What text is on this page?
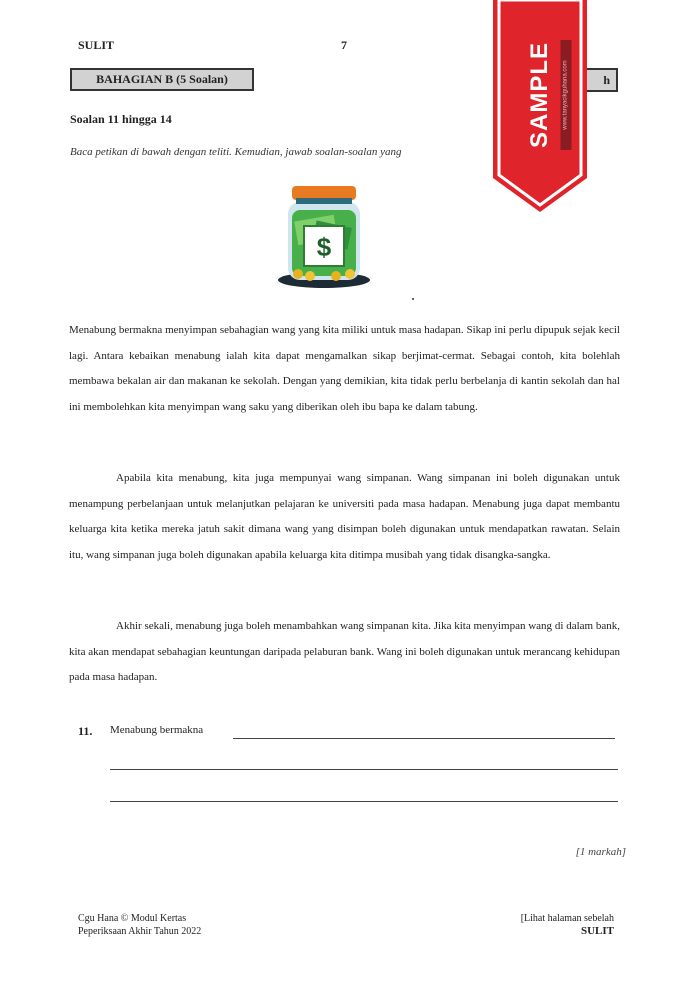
SULIT	7
BAHAGIAN B (5 Soalan)	h
Soalan 11 hingga 14
Baca petikan di bawah dengan teliti. Kemudian, jawab soalan-soalan yang
$

Menabung bermakna menyimpan sebahagian wang yang kita miliki untuk masa hadapan. Sikap ini perlu dipupuk sejak kecil lagi. Antara kebaikan menabung ialah kita dapat mengamalkan sikap berjimat-cermat. Sebagai contoh, kita bolehlah membawa bekalan air dan makanan ke sekolah. Dengan yang demikian, kita tidak perlu berbelanja di kantin sekolah dan hal ini membolehkan kita menyimpan wang saku yang diberikan oleh ibu bapa ke dalam tabung.

Apabila kita menabung, kita juga mempunyai wang simpanan. Wang simpanan ini boleh digunakan untuk menampung perbelanjaan untuk melanjutkan pelajaran ke universiti pada masa hadapan. Menabung juga dapat membantu keluarga kita ketika mereka jatuh sakit dimana wang yang disimpan boleh digunakan untuk mendapatkan rawatan. Selain itu, wang simpanan juga boleh digunakan apabila keluarga kita ditimpa musibah yang tidak disangka-sangka.

Akhir sekali, menabung juga boleh menambahkan wang simpanan kita. Jika kita menyimpan wang di dalam bank, kita akan mendapat sebahagian keuntungan daripada pelaburan bank. Wang ini boleh digunakan untuk merancang kehidupan pada masa hadapan.

11. Menabung bermakna
[1 markah]
Cgu Hana © Modul Kertas
Peperiksaan Akhir Tahun 2022
[Lihat halaman sebelah
SULIT
SAMPLE	www.tanyacikguhana.com
